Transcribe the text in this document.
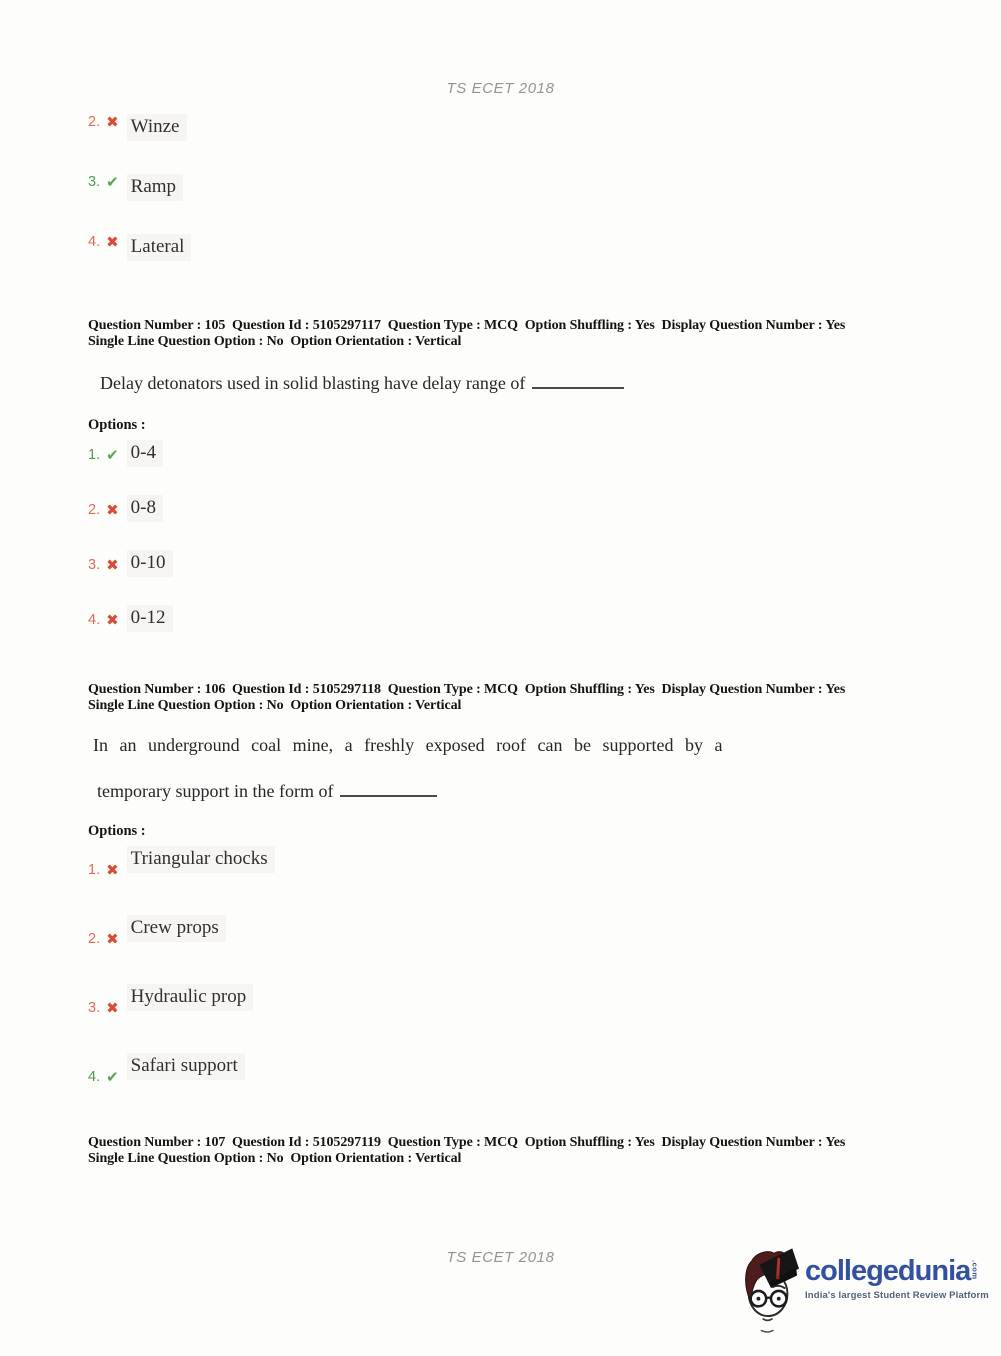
TS ECET 2018
2. ✖ Winze
3. ✔ Ramp
4. ✖ Lateral
Question Number : 105  Question Id : 5105297117  Question Type : MCQ  Option Shuffling : Yes  Display Question Number : Yes
Single Line Question Option : No  Option Orientation : Vertical
Delay detonators used in solid blasting have delay range of
Options :
1. ✔ 0-4
2. ✖ 0-8
3. ✖ 0-10
4. ✖ 0-12
Question Number : 106  Question Id : 5105297118  Question Type : MCQ  Option Shuffling : Yes  Display Question Number : Yes
Single Line Question Option : No  Option Orientation : Vertical
In an underground coal mine, a freshly exposed roof can be supported by a
temporary support in the form of
Options :
1. ✖
Triangular chocks
2. ✖
Crew props
3. ✖
Hydraulic prop
4. ✔
Safari support
Question Number : 107  Question Id : 5105297119  Question Type : MCQ  Option Shuffling : Yes  Display Question Number : Yes
Single Line Question Option : No  Option Orientation : Vertical
TS ECET 2018	collegedunia .com
India's largest Student Review Platform
